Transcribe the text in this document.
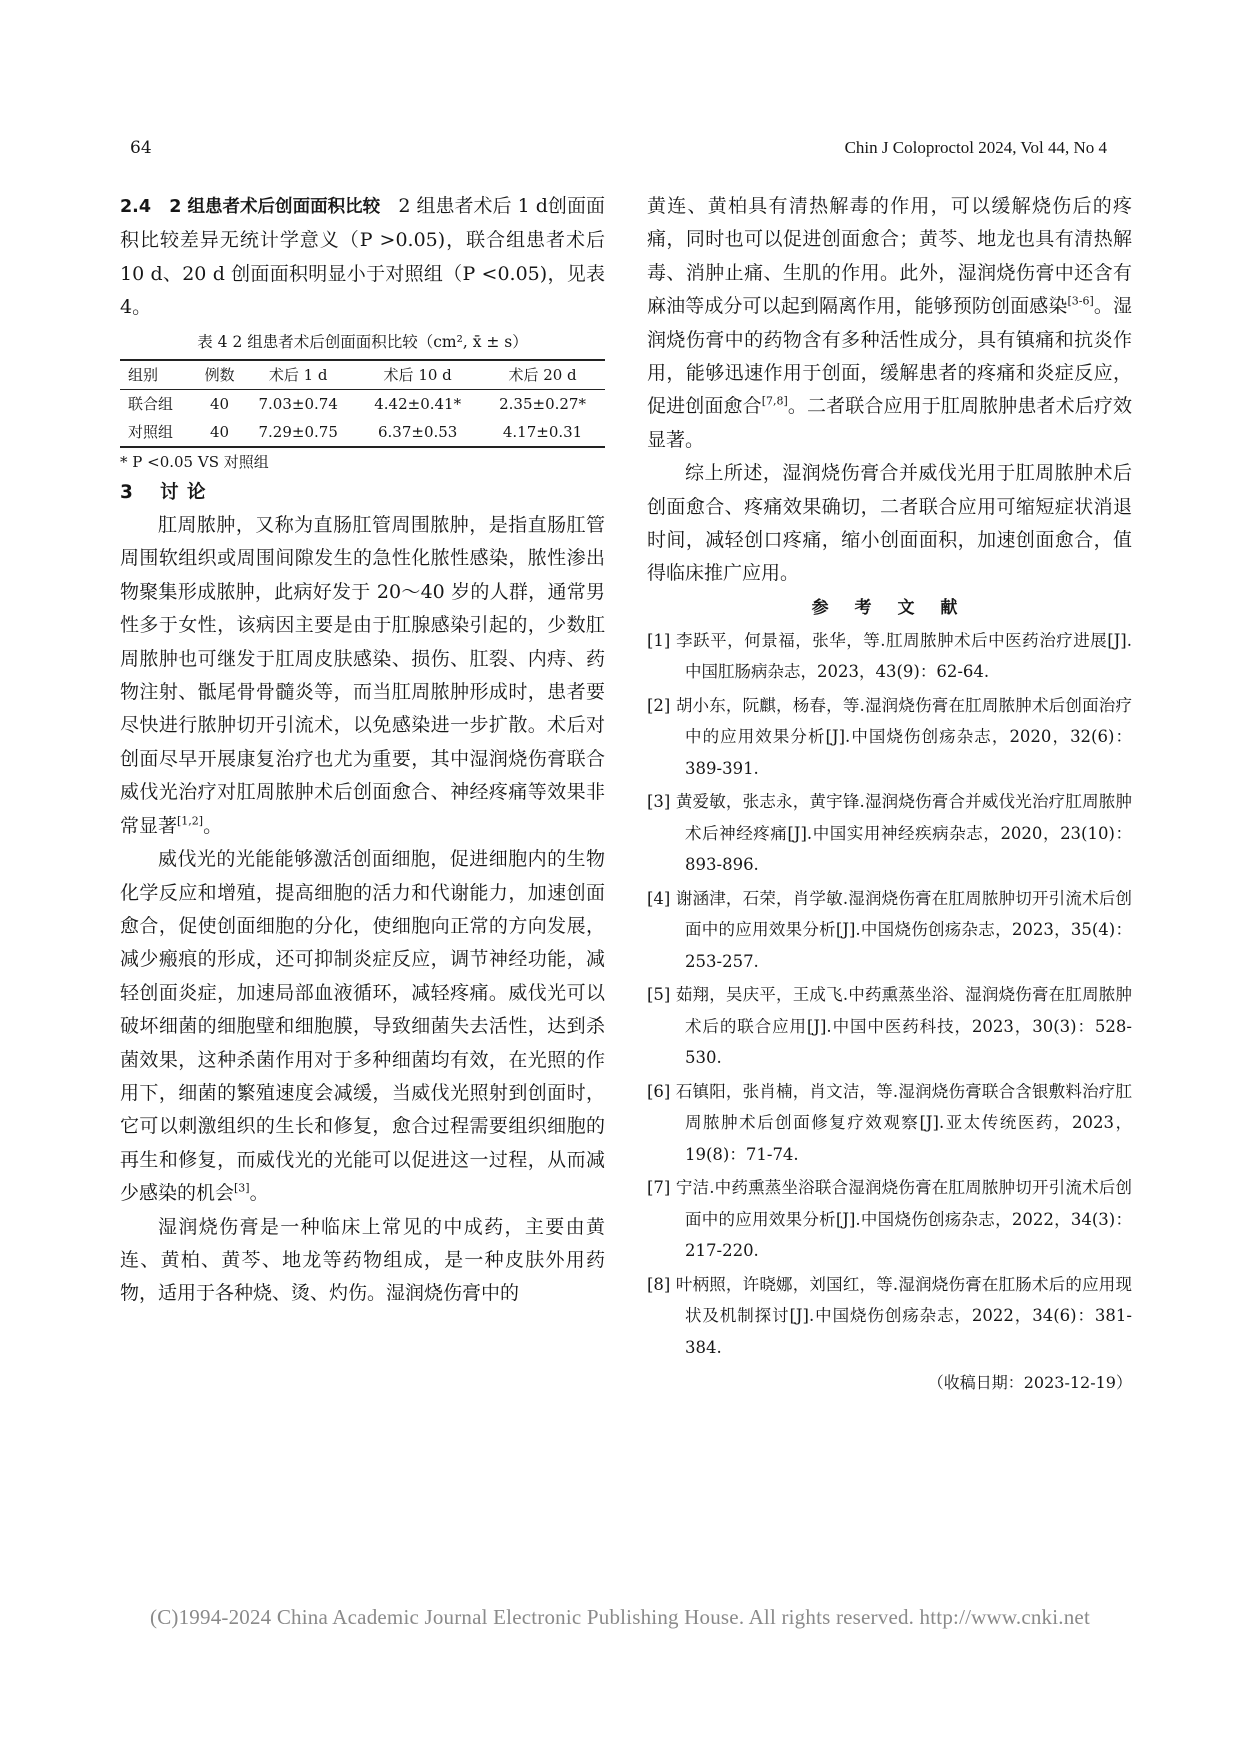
64	Chin J Coloproctol 2024, Vol 44, No 4

2.4 2 组患者术后创面面积比较 2 组患者术后 1 d创面面积比较差异无统计学意义（P >0.05)，联合组患者术后 10 d、20 d 创面面积明显小于对照组（P <0.05)，见表 4。

表 4 2 组患者术后创面面积比较（cm², x̄ ± s）
组别	例数	术后 1 d	术后 10 d	术后 20 d
联合组	40	7.03±0.74	4.42±0.41*	2.35±0.27*
对照组	40	7.29±0.75	6.37±0.53	4.17±0.31
* P <0.05 VS 对照组

3 讨 论

肛周脓肿，又称为直肠肛管周围脓肿，是指直肠肛管周围软组织或周围间隙发生的急性化脓性感染，脓性渗出物聚集形成脓肿，此病好发于 20～40 岁的人群，通常男性多于女性，该病因主要是由于肛腺感染引起的，少数肛周脓肿也可继发于肛周皮肤感染、损伤、肛裂、内痔、药物注射、骶尾骨骨髓炎等，而当肛周脓肿形成时，患者要尽快进行脓肿切开引流术，以免感染进一步扩散。术后对创面尽早开展康复治疗也尤为重要，其中湿润烧伤膏联合威伐光治疗对肛周脓肿术后创面愈合、神经疼痛等效果非常显著[1,2]。

威伐光的光能能够激活创面细胞，促进细胞内的生物化学反应和增殖，提高细胞的活力和代谢能力，加速创面愈合，促使创面细胞的分化，使细胞向正常的方向发展，减少瘢痕的形成，还可抑制炎症反应，调节神经功能，减轻创面炎症，加速局部血液循环，减轻疼痛。威伐光可以破坏细菌的细胞壁和细胞膜，导致细菌失去活性，达到杀菌效果，这种杀菌作用对于多种细菌均有效，在光照的作用下，细菌的繁殖速度会减缓，当威伐光照射到创面时，它可以刺激组织的生长和修复，愈合过程需要组织细胞的再生和修复，而威伐光的光能可以促进这一过程，从而减少感染的机会[3]。

湿润烧伤膏是一种临床上常见的中成药，主要由黄连、黄柏、黄芩、地龙等药物组成，是一种皮肤外用药物，适用于各种烧、烫、灼伤。湿润烧伤膏中的

黄连、黄柏具有清热解毒的作用，可以缓解烧伤后的疼痛，同时也可以促进创面愈合；黄芩、地龙也具有清热解毒、消肿止痛、生肌的作用。此外，湿润烧伤膏中还含有麻油等成分可以起到隔离作用，能够预防创面感染[3-6]。湿润烧伤膏中的药物含有多种活性成分，具有镇痛和抗炎作用，能够迅速作用于创面，缓解患者的疼痛和炎症反应，促进创面愈合[7,8]。二者联合应用于肛周脓肿患者术后疗效显著。

综上所述，湿润烧伤膏合并威伐光用于肛周脓肿术后创面愈合、疼痛效果确切，二者联合应用可缩短症状消退时间，减轻创口疼痛，缩小创面面积，加速创面愈合，值得临床推广应用。

参 考 文 献

[1] 李跃平，何景福，张华，等.肛周脓肿术后中医药治疗进展[J].中国肛肠病杂志，2023，43(9)：62-64.

[2] 胡小东，阮麒，杨春，等.湿润烧伤膏在肛周脓肿术后创面治疗中的应用效果分析[J].中国烧伤创疡杂志，2020，32(6)：389-391.

[3] 黄爱敏，张志永，黄宇锋.湿润烧伤膏合并威伐光治疗肛周脓肿术后神经疼痛[J].中国实用神经疾病杂志，2020，23(10)：893-896.

[4] 谢涵津，石荣，肖学敏.湿润烧伤膏在肛周脓肿切开引流术后创面中的应用效果分析[J].中国烧伤创疡杂志，2023，35(4)：253-257.

[5] 茹翔，吴庆平，王成飞.中药熏蒸坐浴、湿润烧伤膏在肛周脓肿术后的联合应用[J].中国中医药科技，2023，30(3)：528-530.

[6] 石镇阳，张肖楠，肖文洁，等.湿润烧伤膏联合含银敷料治疗肛周脓肿术后创面修复疗效观察[J].亚太传统医药，2023，19(8)：71-74.

[7] 宁洁.中药熏蒸坐浴联合湿润烧伤膏在肛周脓肿切开引流术后创面中的应用效果分析[J].中国烧伤创疡杂志，2022，34(3)：217-220.

[8] 叶柄照，许晓娜，刘国红，等.湿润烧伤膏在肛肠术后的应用现状及机制探讨[J].中国烧伤创疡杂志，2022，34(6)：381-384.

（收稿日期：2023-12-19）
(C)1994-2024 China Academic Journal Electronic Publishing House. All rights reserved. http://www.cnki.net
